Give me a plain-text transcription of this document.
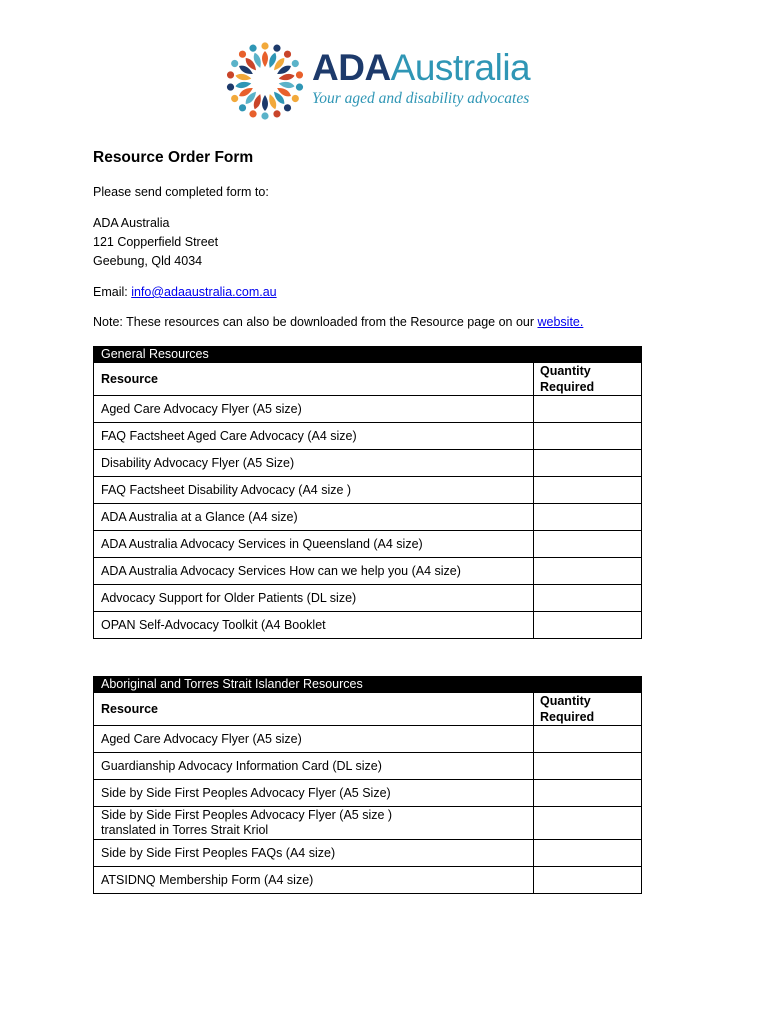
ADAAustralia
Your aged and disability advocates
Resource Order Form
Please send completed form to:
ADA Australia
121 Copperfield Street
Geebung, Qld 4034
Email: info@adaaustralia.com.au
Note: These resources can also be downloaded from the Resource page on our website.
General Resources	
Resource	Quantity
Required
Aged Care Advocacy Flyer (A5 size)	
FAQ Factsheet Aged Care Advocacy (A4 size)	
Disability Advocacy Flyer (A5 Size)	
FAQ Factsheet Disability Advocacy (A4 size )	
ADA Australia at a Glance (A4 size)	
ADA Australia Advocacy Services in Queensland (A4 size)	
ADA Australia Advocacy Services How can we help you (A4 size)	
Advocacy Support for Older Patients (DL size)	
OPAN Self-Advocacy Toolkit (A4 Booklet	
Aboriginal and Torres Strait Islander Resources	
Resource	Quantity
Required
Aged Care Advocacy Flyer (A5 size)	
Guardianship Advocacy Information Card (DL size)	
Side by Side First Peoples Advocacy Flyer (A5 Size)	
Side by Side First Peoples Advocacy Flyer (A5 size )
translated in Torres Strait Kriol	
Side by Side First Peoples FAQs (A4 size)	
ATSIDNQ Membership Form (A4 size)	
